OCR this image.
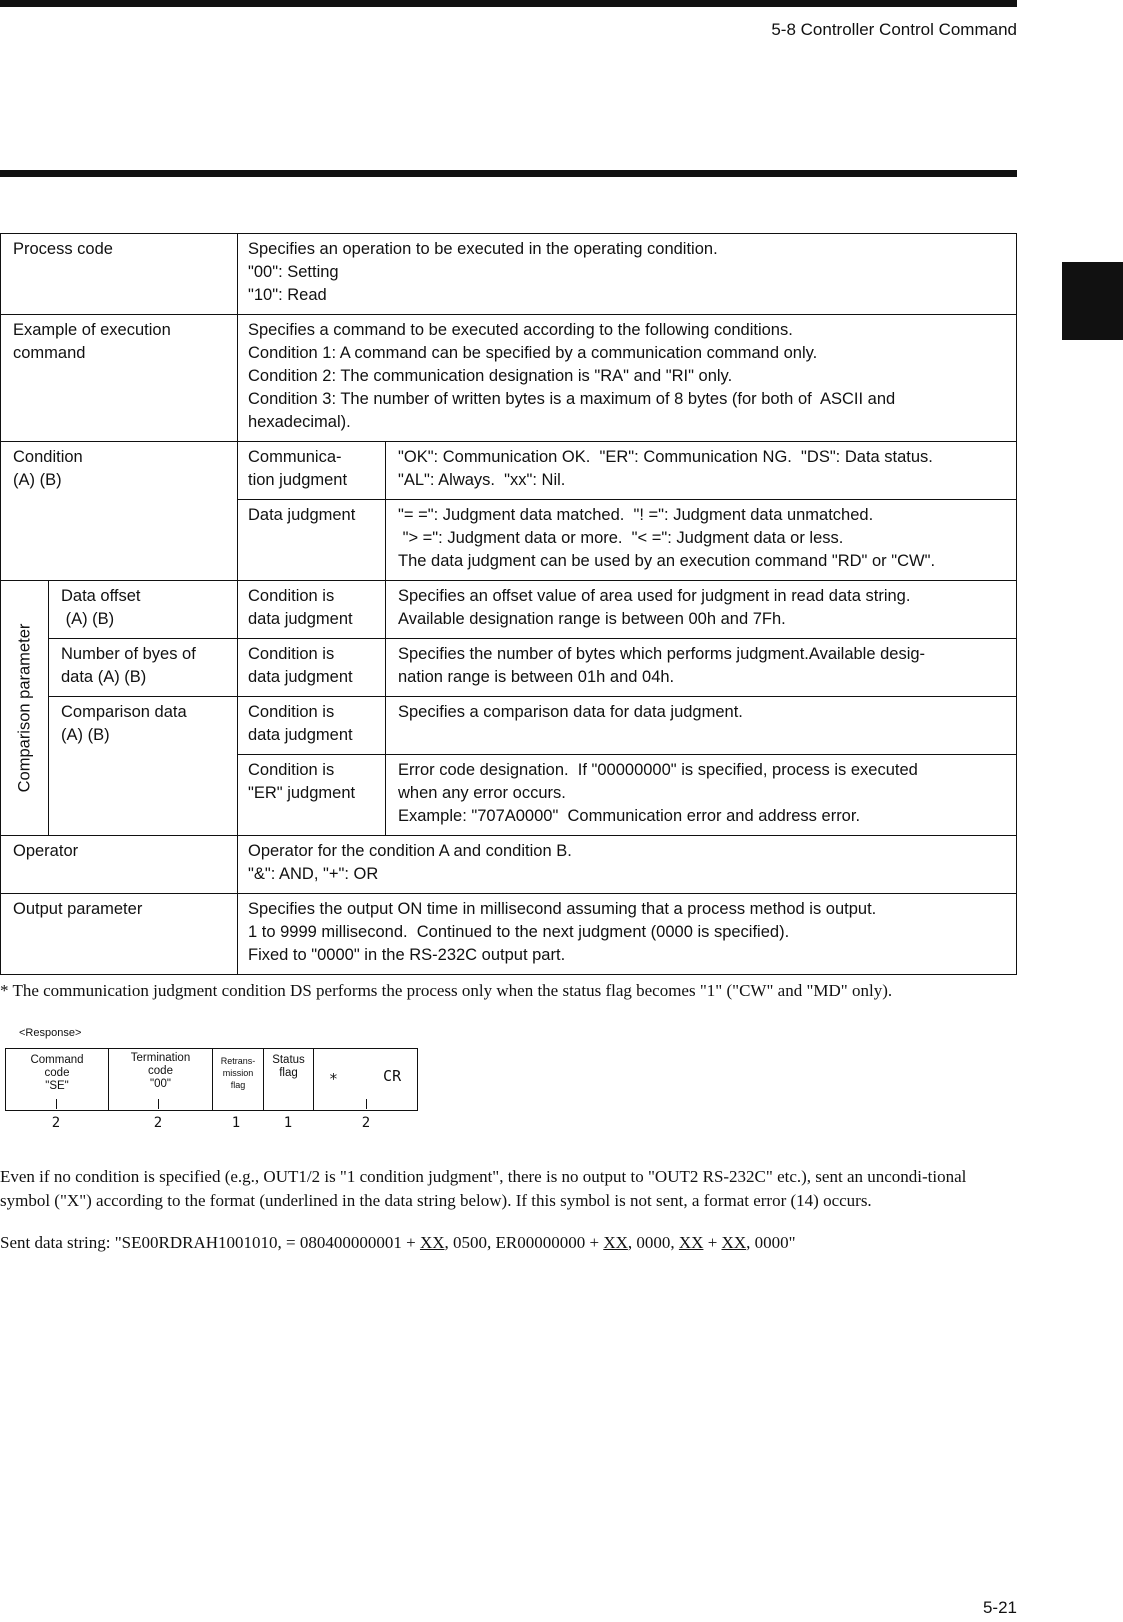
5-8 Controller Control Command
Process code		Specifies an operation to be executed in the operating condition.
"00": Setting
"10": Read	

Example of execution
command		Specifies a command to be executed according to the following conditions.
Condition 1: A command can be specified by a communication command only.
Condition 2: The communication designation is "RA" and "RI" only.
Condition 3: The number of written bytes is a maximum of 8 bytes (for both of  ASCII and
hexadecimal).	

Condition
(A) (B)		Communica-
tion judgment	"OK": Communication OK.  "ER": Communication NG.  "DS": Data status.
"AL": Always.  "xx": Nil.

		Data judgment	"= =": Judgment data matched.  "! =": Judgment data unmatched.
"> =": Judgment data or more.  "< =": Judgment data or less.
The data judgment can be used by an execution command "RD" or "CW".

Comparison parameter	Data offset
(A) (B)	Condition is
data judgment	Specifies an offset value of area used for judgment in read data string.
Available designation range is between 00h and 7Fh.

	Number of byes of
data (A) (B)	Condition is
data judgment	Specifies the number of bytes which performs judgment.Available desig-
nation range is between 01h and 04h.

	Comparison data
(A) (B)	Condition is
data judgment	Specifies a comparison data for data judgment.

		Condition is
"ER" judgment	Error code designation.  If "00000000" is specified, process is executed
when any error occurs.
Example: "707A0000"  Communication error and address error.

Operator		Operator for the condition A and condition B.
"&": AND, "+": OR	

Output parameter		Specifies the output ON time in millisecond assuming that a process method is output.
1 to 9999 millisecond.  Continued to the next judgment (0000 is specified).
Fixed to "0000" in the RS-232C output part.	
* The communication judgment condition DS performs the process only when the status flag becomes "1" ("CW" and "MD" only).
<Response>
Command
code
"SE"
Termination
code
"00"
Retrans-
mission
flag
Status
flag	∗     CR
2	2	1	1	2
Even if no condition is specified (e.g., OUT1/2 is "1 condition judgment", there is no output to "OUT2 RS-232C" etc.), sent an uncondi-tional symbol ("X") according to the format (underlined in the data string below). If this symbol is not sent, a format error (14) occurs.
Sent data string: "SE00RDRAH1001010, = 080400000001 + XX, 0500, ER00000000 + XX, 0000, XX + XX, 0000"
5-21
